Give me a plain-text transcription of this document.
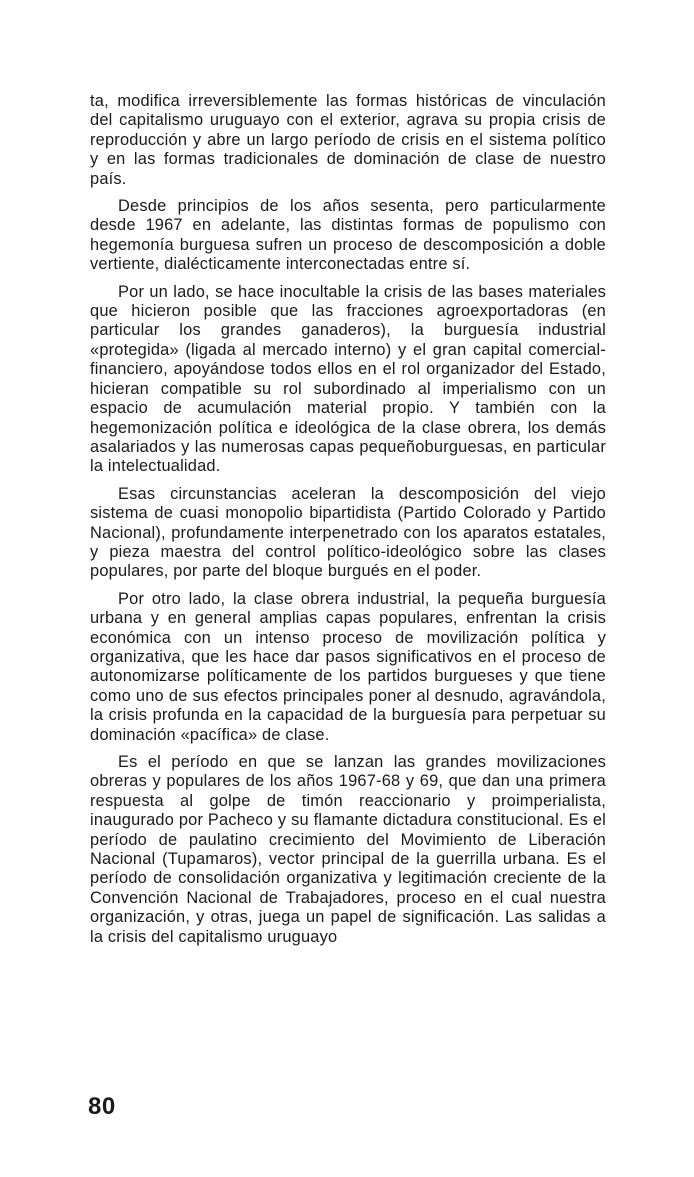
ta, modifica irreversiblemente las formas históricas de vinculación del capitalismo uruguayo con el exterior, agrava su propia crisis de reproducción y abre un largo período de crisis en el sistema político y en las formas tradicionales de dominación de clase de nuestro país.

Desde principios de los años sesenta, pero particularmente desde 1967 en adelante, las distintas formas de populismo con hegemonía burguesa sufren un proceso de descomposición a doble vertiente, dialécticamente interconectadas entre sí.

Por un lado, se hace inocultable la crisis de las bases materiales que hicieron posible que las fracciones agroexportadoras (en particular los grandes ganaderos), la burguesía industrial «protegida» (ligada al mercado interno) y el gran capital comercial-financiero, apoyándose todos ellos en el rol organizador del Estado, hicieran compatible su rol subordinado al imperialismo con un espacio de acumulación material propio. Y también con la hegemonización política e ideológica de la clase obrera, los demás asalariados y las numerosas capas pequeñoburguesas, en particular la intelectualidad.

Esas circunstancias aceleran la descomposición del viejo sistema de cuasi monopolio bipartidista (Partido Colorado y Partido Nacional), profundamente interpenetrado con los aparatos estatales, y pieza maestra del control político-ideológico sobre las clases populares, por parte del bloque burgués en el poder.

Por otro lado, la clase obrera industrial, la pequeña burguesía urbana y en general amplias capas populares, enfrentan la crisis económica con un intenso proceso de movilización política y organizativa, que les hace dar pasos significativos en el proceso de autonomizarse políticamente de los partidos burgueses y que tiene como uno de sus efectos principales poner al desnudo, agravándola, la crisis profunda en la capacidad de la burguesía para perpetuar su dominación «pacífica» de clase.

Es el período en que se lanzan las grandes movilizaciones obreras y populares de los años 1967-68 y 69, que dan una primera respuesta al golpe de timón reaccionario y proimperialista, inaugurado por Pacheco y su flamante dictadura constitucional. Es el período de paulatino crecimiento del Movimiento de Liberación Nacional (Tupamaros), vector principal de la guerrilla urbana. Es el período de consolidación organizativa y legitimación creciente de la Convención Nacional de Trabajadores, proceso en el cual nuestra organización, y otras, juega un papel de significación. Las salidas a la crisis del capitalismo uruguayo

80
